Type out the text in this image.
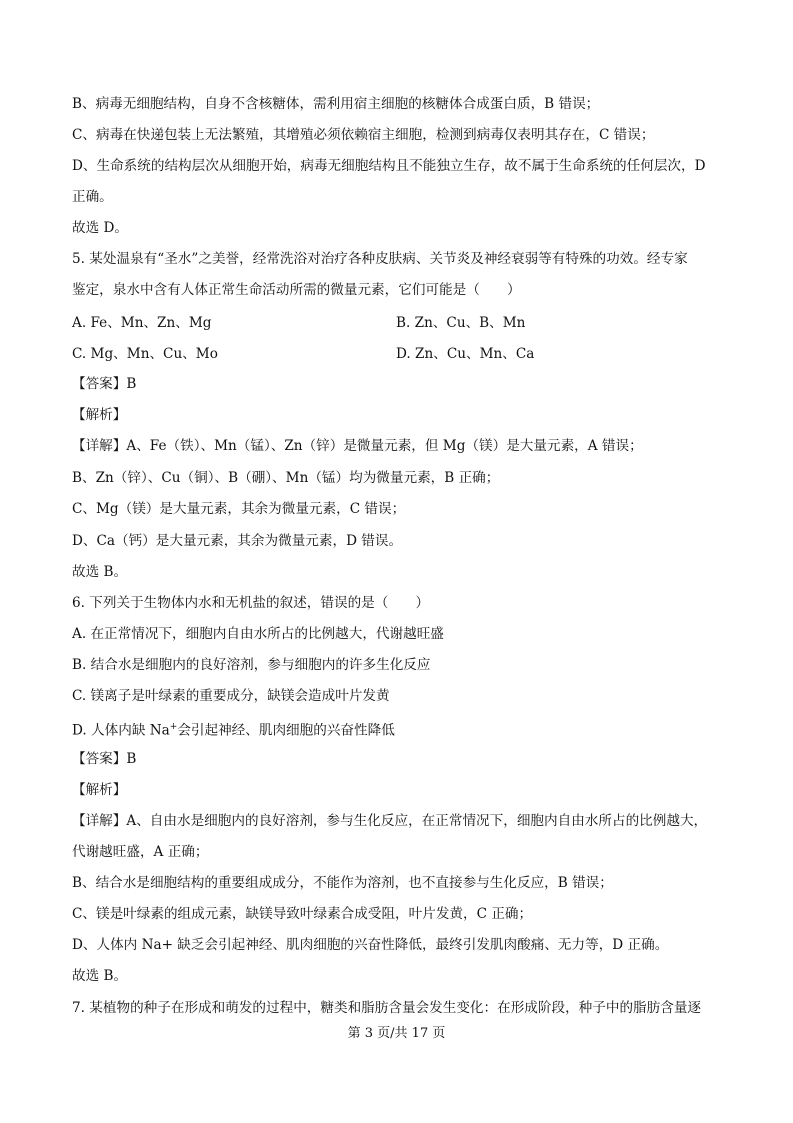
B、病毒无细胞结构，自身不含核糖体，需利用宿主细胞的核糖体合成蛋白质，B 错误；
C、病毒在快递包装上无法繁殖，其增殖必须依赖宿主细胞，检测到病毒仅表明其存在，C 错误；
D、生命系统的结构层次从细胞开始，病毒无细胞结构且不能独立生存，故不属于生命系统的任何层次，D
正确。
故选 D。
5. 某处温泉有“圣水”之美誉，经常洗浴对治疗各种皮肤病、关节炎及神经衰弱等有特殊的功效。经专家
鉴定，泉水中含有人体正常生命活动所需的微量元素，它们可能是（　　）
A. Fe、Mn、Zn、Mg	B. Zn、Cu、B、Mn
C. Mg、Mn、Cu、Mo	D. Zn、Cu、Mn、Ca
【答案】B
【解析】
【详解】A、Fe（铁）、Mn（锰）、Zn（锌）是微量元素，但 Mg（镁）是大量元素，A 错误；
B、Zn（锌）、Cu（铜）、B（硼）、Mn（锰）均为微量元素，B 正确；
C、Mg（镁）是大量元素，其余为微量元素，C 错误；
D、Ca（钙）是大量元素，其余为微量元素，D 错误。
故选 B。
6. 下列关于生物体内水和无机盐的叙述，错误的是（　　）
A. 在正常情况下，细胞内自由水所占的比例越大，代谢越旺盛
B. 结合水是细胞内的良好溶剂，参与细胞内的许多生化反应
C. 镁离子是叶绿素的重要成分，缺镁会造成叶片发黄
D. 人体内缺 Na+会引起神经、肌肉细胞的兴奋性降低
【答案】B
【解析】
【详解】A、自由水是细胞内的良好溶剂，参与生化反应，在正常情况下，细胞内自由水所占的比例越大，
代谢越旺盛，A 正确；
B、结合水是细胞结构的重要组成成分，不能作为溶剂，也不直接参与生化反应，B 错误；
C、镁是叶绿素的组成元素，缺镁导致叶绿素合成受阻，叶片发黄，C 正确；
D、人体内 Na+ 缺乏会引起神经、肌肉细胞的兴奋性降低，最终引发肌肉酸痛、无力等，D 正确。
故选 B。
7. 某植物的种子在形成和萌发的过程中，糖类和脂肪含量会发生变化：在形成阶段，种子中的脂肪含量逐
第 3 页/共 17 页
